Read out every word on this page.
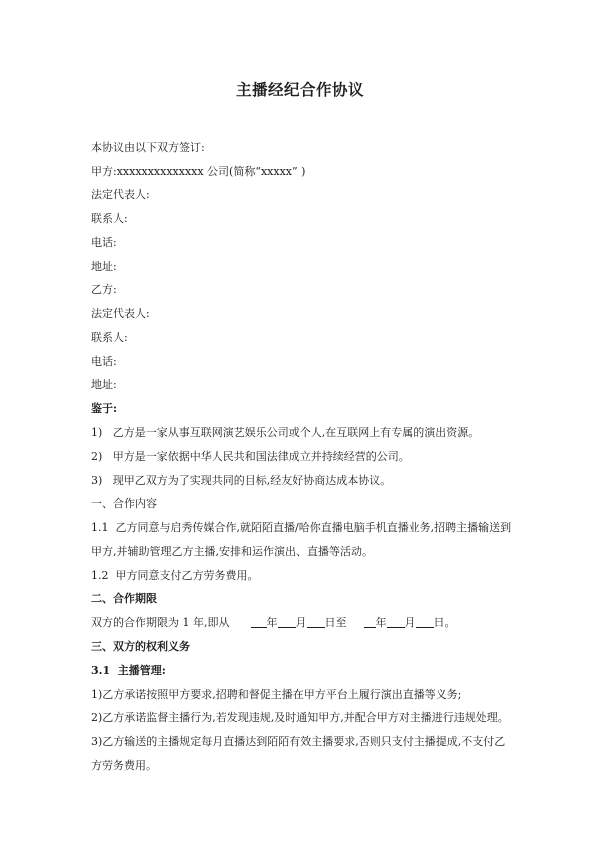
主播经纪合作协议
本协议由以下双方签订:
甲方:xxxxxxxxxxxxxx 公司(简称“xxxxx” )
法定代表人:
联系人:
电话:
地址:
乙方:
法定代表人:
联系人:
电话:
地址:
鉴于:
1)   乙方是一家从事互联网演艺娱乐公司或个人,在互联网上有专属的演出资源。
2)   甲方是一家依据中华人民共和国法律成立并持续经营的公司。
3)   现甲乙双方为了实现共同的目标,经友好协商达成本协议。
一、合作内容
1.1  乙方同意与启秀传媒合作,就陌陌直播/哈你直播电脑手机直播业务,招聘主播输送到
甲方,并辅助管理乙方主播,安排和运作演出、直播等活动。
1.2  甲方同意支付乙方劳务费用。
二、合作期限
双方的合作期限为 1 年,即从	年 月 日至	年 月 日。
三、双方的权利义务
3.1  主播管理:
1)乙方承诺按照甲方要求,招聘和督促主播在甲方平台上履行演出直播等义务;
2)乙方承诺监督主播行为,若发现违规,及时通知甲方,并配合甲方对主播进行违规处理。
3)乙方输送的主播规定每月直播达到陌陌有效主播要求,否则只支付主播提成,不支付乙
方劳务费用。
